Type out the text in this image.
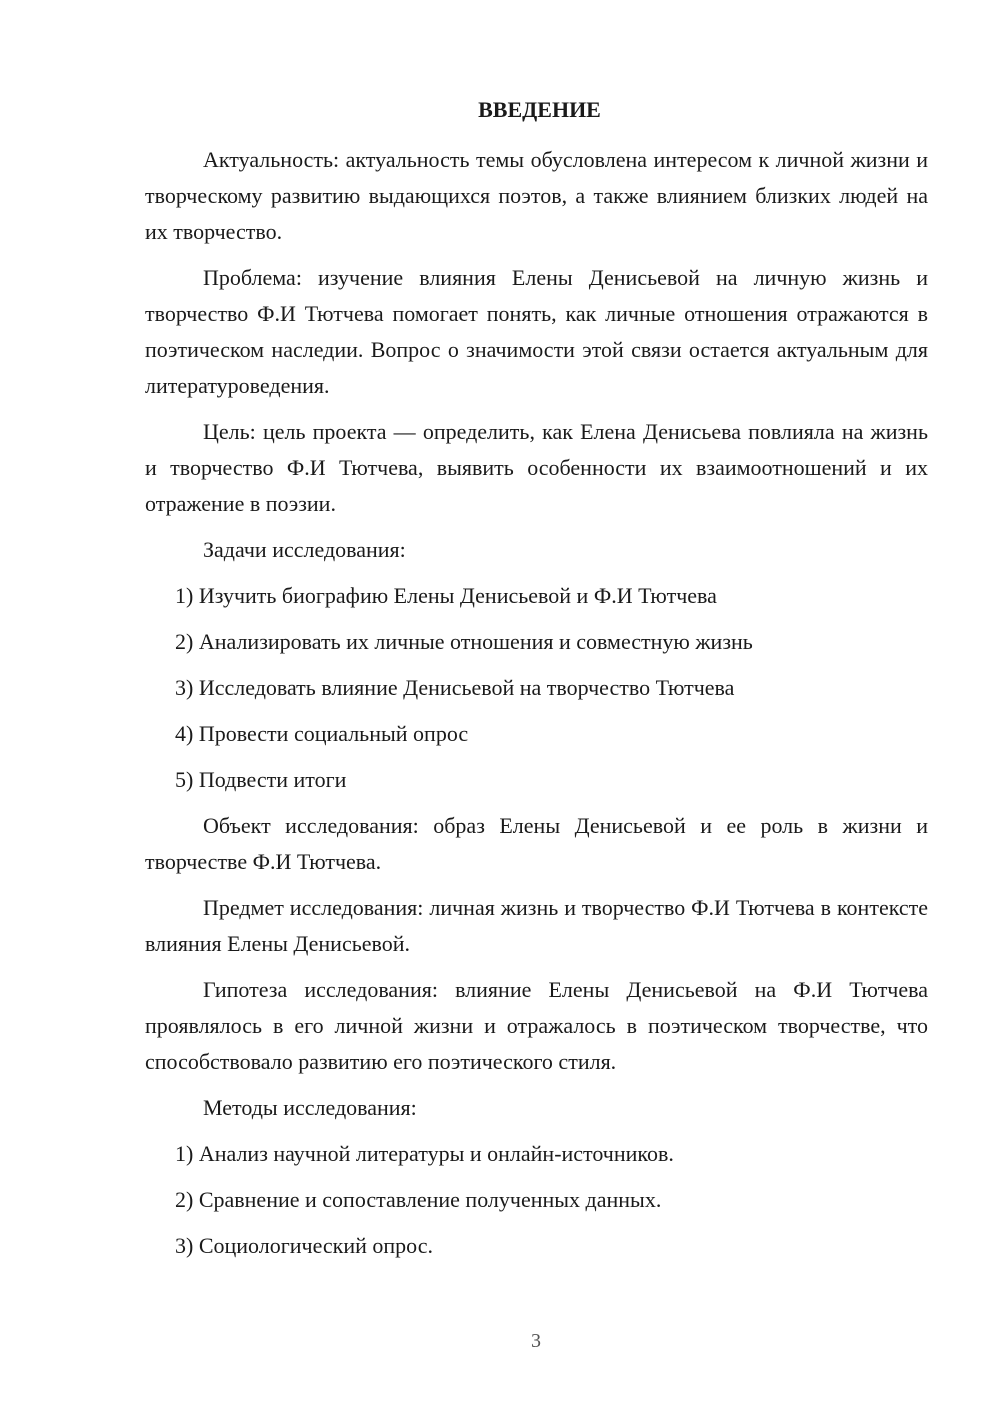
ВВЕДЕНИЕ

Актуальность: актуальность темы обусловлена интересом к личной жизни и творческому развитию выдающихся поэтов, а также влиянием близких людей на их творчество.

Проблема: изучение влияния Елены Денисьевой на личную жизнь и творчество Ф.И Тютчева помогает понять, как личные отношения отражаются в поэтическом наследии. Вопрос о значимости этой связи остается актуальным для литературоведения.

Цель: цель проекта — определить, как Елена Денисьева повлияла на жизнь и творчество Ф.И Тютчева, выявить особенности их взаимоотношений и их отражение в поэзии.

Задачи исследования:

1) Изучить биографию Елены Денисьевой и Ф.И Тютчева
2) Анализировать их личные отношения и совместную жизнь
3) Исследовать влияние Денисьевой на творчество Тютчева
4) Провести социальный опрос
5) Подвести итоги

Объект исследования: образ Елены Денисьевой и ее роль в жизни и творчестве Ф.И Тютчева.

Предмет исследования: личная жизнь и творчество Ф.И Тютчева в контексте влияния Елены Денисьевой.

Гипотеза исследования: влияние Елены Денисьевой на Ф.И Тютчева проявлялось в его личной жизни и отражалось в поэтическом творчестве, что способствовало развитию его поэтического стиля.

Методы исследования:

1) Анализ научной литературы и онлайн-источников.
2) Сравнение и сопоставление полученных данных.
3) Социологический опрос.
3
